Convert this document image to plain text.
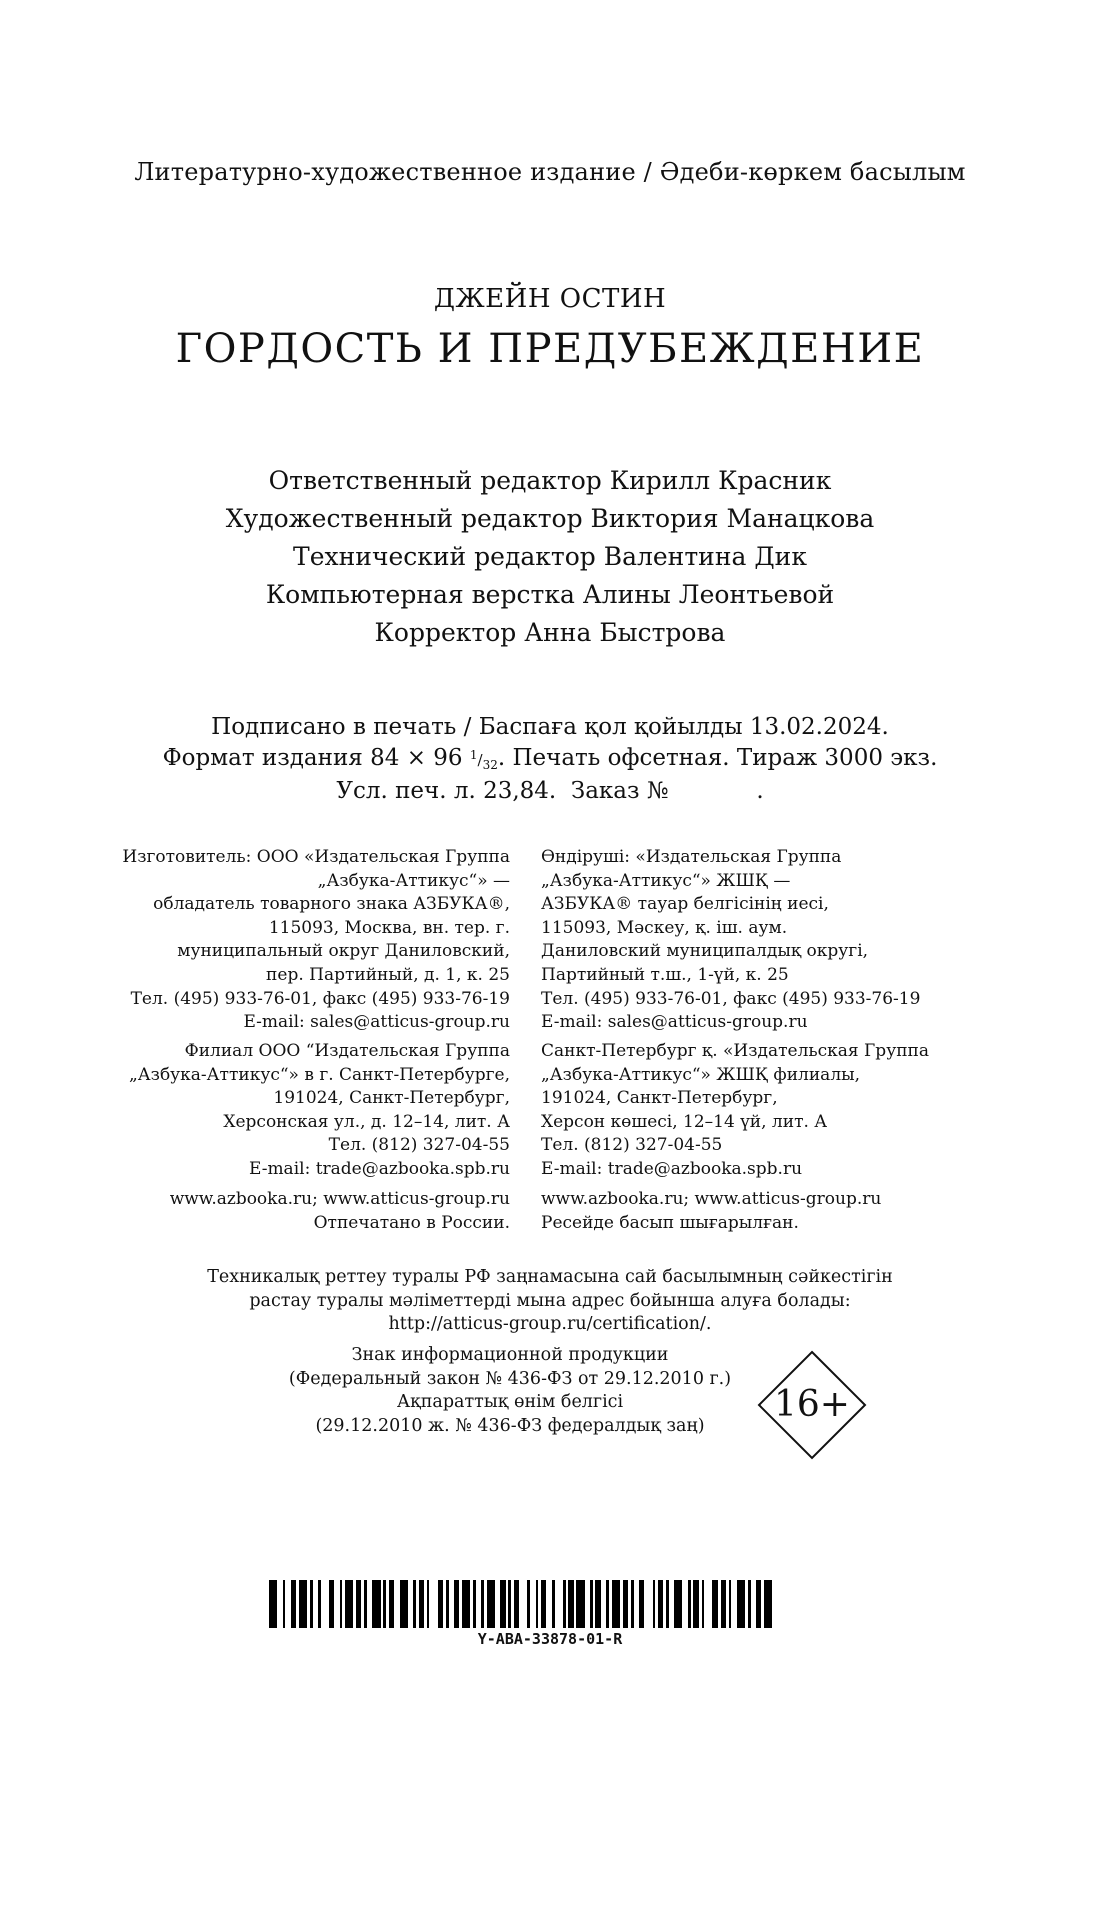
Литературно-художественное издание / Әдеби-көркем басылым
ДЖЕЙН ОСТИН
ГОРДОСТЬ И ПРЕДУБЕЖДЕНИЕ
Ответственный редактор Кирилл Красник
Художественный редактор Виктория Манацкова
Технический редактор Валентина Дик
Компьютерная верстка Алины Леонтьевой
Корректор Анна Быстрова
Подписано в печать / Баспаға қол қойылды 13.02.2024.
Формат издания 84 × 96 $^1/_{32}$. Печать офсетная. Тираж 3000 экз.
Усл. печ. л. 23,84.  Заказ №            .
Изготовитель: ООО «Издательская Группа
„Азбука-Аттикус“» —
обладатель товарного знака АЗБУКА®,
115093, Москва, вн. тер. г.
муниципальный округ Даниловский,
пер. Партийный, д. 1, к. 25
Тел. (495) 933-76-01, факс (495) 933-76-19
E-mail: sales@atticus-group.ru
Филиал ООО “Издательская Группа
„Азбука-Аттикус“» в г. Санкт-Петербурге,
191024, Санкт-Петербург,
Херсонская ул., д. 12–14, лит. А
Тел. (812) 327-04-55
E-mail: trade@azbooka.spb.ru
www.azbooka.ru; www.atticus-group.ru
Отпечатано в России.
Өндіруші: «Издательская Группа
„Азбука-Аттикус“» ЖШҚ —
АЗБУКА® тауар белгісінің иесі,
115093, Мәскеу, қ. іш. аум.
Даниловский муниципалдық округі,
Партийный т.ш., 1-үй, к. 25
Тел. (495) 933-76-01, факс (495) 933-76-19
E-mail: sales@atticus-group.ru
Санкт-Петербург қ. «Издательская Группа
„Азбука-Аттикус“» ЖШҚ филиалы,
191024, Санкт-Петербург,
Херсон көшесі, 12–14 үй, лит. А
Тел. (812) 327-04-55
E-mail: trade@azbooka.spb.ru
www.azbooka.ru; www.atticus-group.ru
Ресейде басып шығарылған.
Техникалық реттеу туралы РФ заңнамасына сай басылымның сәйкестігін
растау туралы мәліметтерді мына адрес бойынша алуға болады:
http://atticus-group.ru/certification/.
Знак информационной продукции
(Федеральный закон № 436-ФЗ от 29.12.2010 г.)
Ақпараттық өнім белгісі
(29.12.2010 ж. № 436-ФЗ федералдық заң)
16+
Y-ABA-33878-01-R
